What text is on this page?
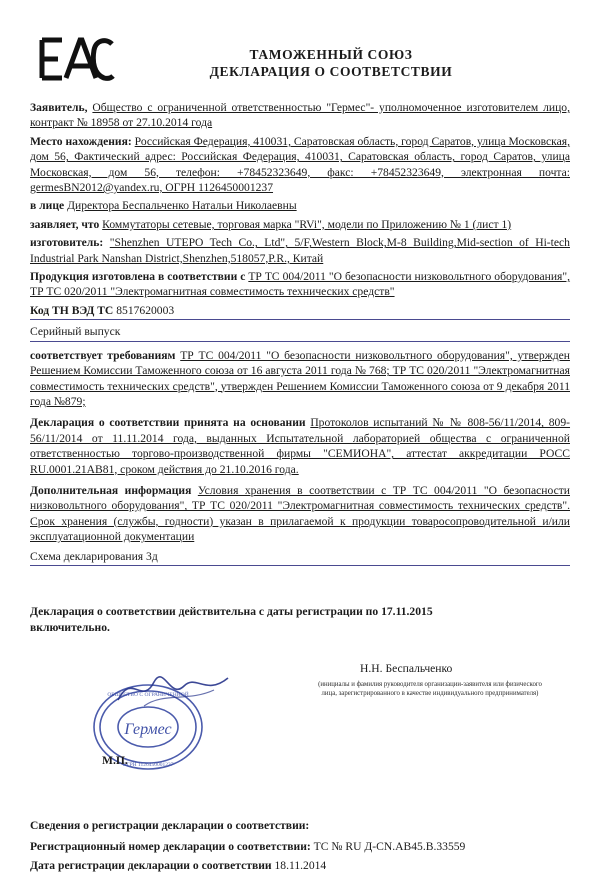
ТАМОЖЕННЫЙ СОЮЗ
ДЕКЛАРАЦИЯ О СООТВЕТСТВИИ
Заявитель, Общество с ограниченной ответственностью "Гермес"- уполномоченное изготовителем лицо, контракт № 18958 от 27.10.2014 года
Место нахождения: Российская Федерация, 410031, Саратовская область, город Саратов, улица Московская, дом 56, Фактический адрес: Российская Федерация, 410031, Саратовская область, город Саратов, улица Московская, дом 56, телефон: +78452323649, факс: +78452323649, электронная почта: germesBN2012@yandex.ru, ОГРН 1126450001237
в лице Директора Беспальченко Натальи Николаевны
заявляет, что Коммутаторы сетевые, торговая марка "RVi", модели по Приложению № 1 (лист 1)
изготовитель: "Shenzhen UTEPO Tech Co., Ltd", 5/F,Western Block,M-8 Building,Mid-section of Hi-tech Industrial Park Nanshan District,Shenzhen,518057,P.R., Китай
Продукция изготовлена в соответствии с ТР ТС 004/2011 "О безопасности низковольтного оборудования", ТР ТС 020/2011 "Электромагнитная совместимость технических средств"
Код ТН ВЭД ТС 8517620003
Серийный выпуск
соответствует требованиям ТР ТС 004/2011 "О безопасности низковольтного оборудования", утвержден Решением Комиссии Таможенного союза от 16 августа 2011 года № 768; ТР ТС 020/2011 "Электромагнитная совместимость технических средств", утвержден Решением Комиссии Таможенного союза от 9 декабря 2011 года №879;
Декларация о соответствии принята на основании Протоколов испытаний № № 808-56/11/2014, 809-56/11/2014 от 11.11.2014 года, выданных Испытательной лабораторией общества с ограниченной ответственностью торгово-производственной фирмы "СЕМИОНА", аттестат аккредитации РОСС RU.0001.21АВ81, сроком действия до 21.10.2016 года.
Дополнительная информация Условия хранения в соответствии с ТР ТС 004/2011 "О безопасности низковольтного оборудования", ТР ТС 020/2011 "Электромагнитная совместимость технических средств". Срок хранения (службы, годности) указан в прилагаемой к продукции товаросопроводительной и/или эксплуатационной документации
Схема декларирования 3д
Декларация о соответствии действительна с даты регистрации по 17.11.2015
включительно.
ОБЩЕСТВО С ОГРАНИЧЕННОЙ
ОГРН 1126450001237
Гермес
Н.Н. Беспальченко
(инициалы и фамилия руководителя организации-заявителя или физического
лица, зарегистрированного в качестве индивидуального предпринимателя)
М.П.
Сведения о регистрации декларации о соответствии:
Регистрационный номер декларации о соответствии: ТС № RU Д-CN.АВ45.В.33559
Дата регистрации декларации о соответствии 18.11.2014
